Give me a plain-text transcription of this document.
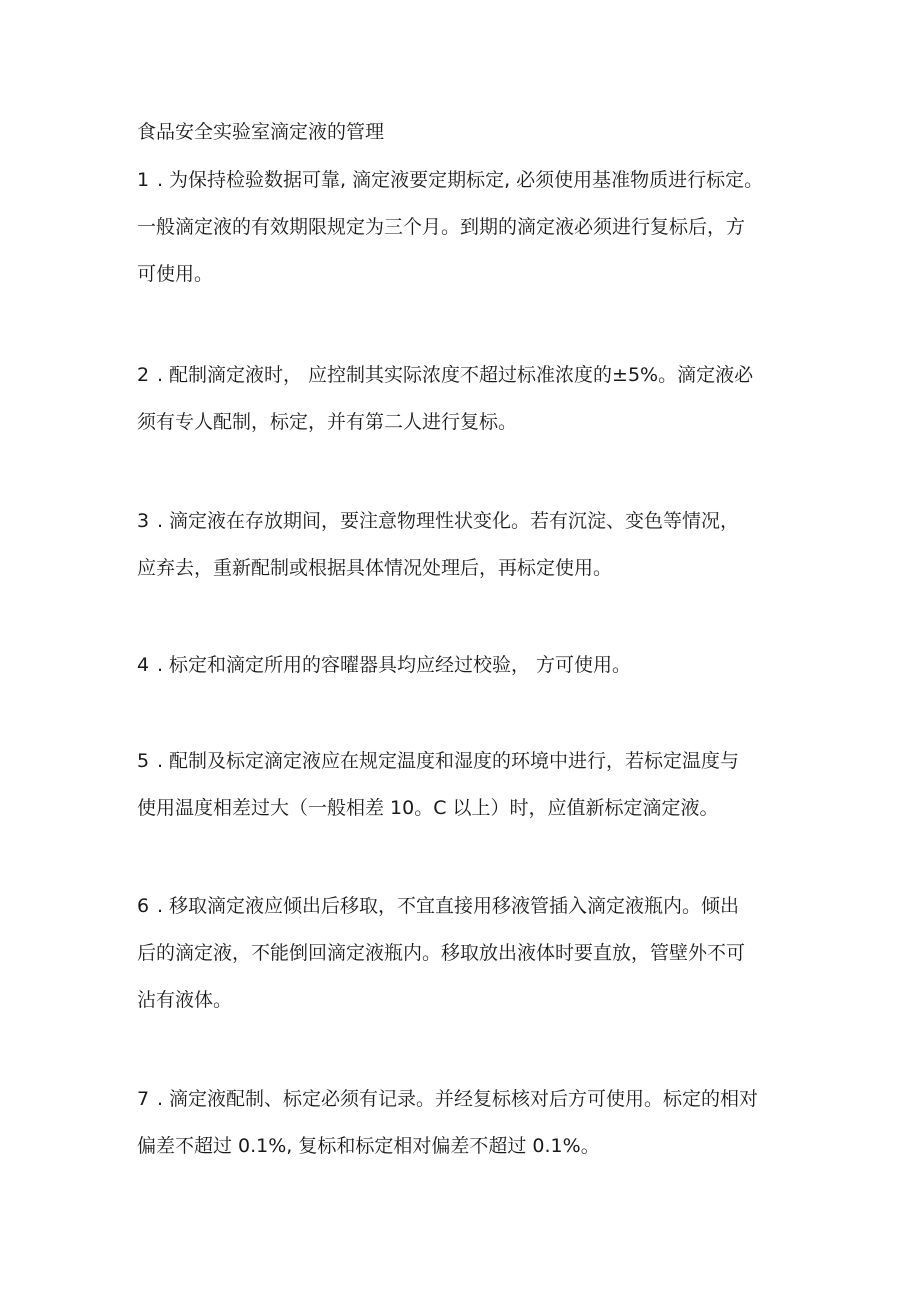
食品安全实验室滴定液的管理
1 . 为保持检验数据可靠, 滴定液要定期标定, 必须使用基准物质进行标定。
一般滴定液的有效期限规定为三个月。到期的滴定液必须进行复标后，方
可使用。
2 . 配制滴定液时， 应控制其实际浓度不超过标准浓度的±5%。滴定液必
须有专人配制，标定，并有第二人进行复标。
3 . 滴定液在存放期间，要注意物理性状变化。若有沉淀、变色等情况，
应弃去，重新配制或根据具体情况处理后，再标定使用。
4 . 标定和滴定所用的容曜器具均应经过校验， 方可使用。
5 . 配制及标定滴定液应在规定温度和湿度的环境中进行，若标定温度与
使用温度相差过大（一般相差 10。C 以上）时，应值新标定滴定液。
6 . 移取滴定液应倾出后移取，不宜直接用移液管插入滴定液瓶内。倾出
后的滴定液，不能倒回滴定液瓶内。移取放出液体时要直放，管壁外不可
沾有液体。
7 . 滴定液配制、标定必须有记录。并经复标核对后方可使用。标定的相对
偏差不超过 0.1%, 复标和标定相对偏差不超过 0.1%。
